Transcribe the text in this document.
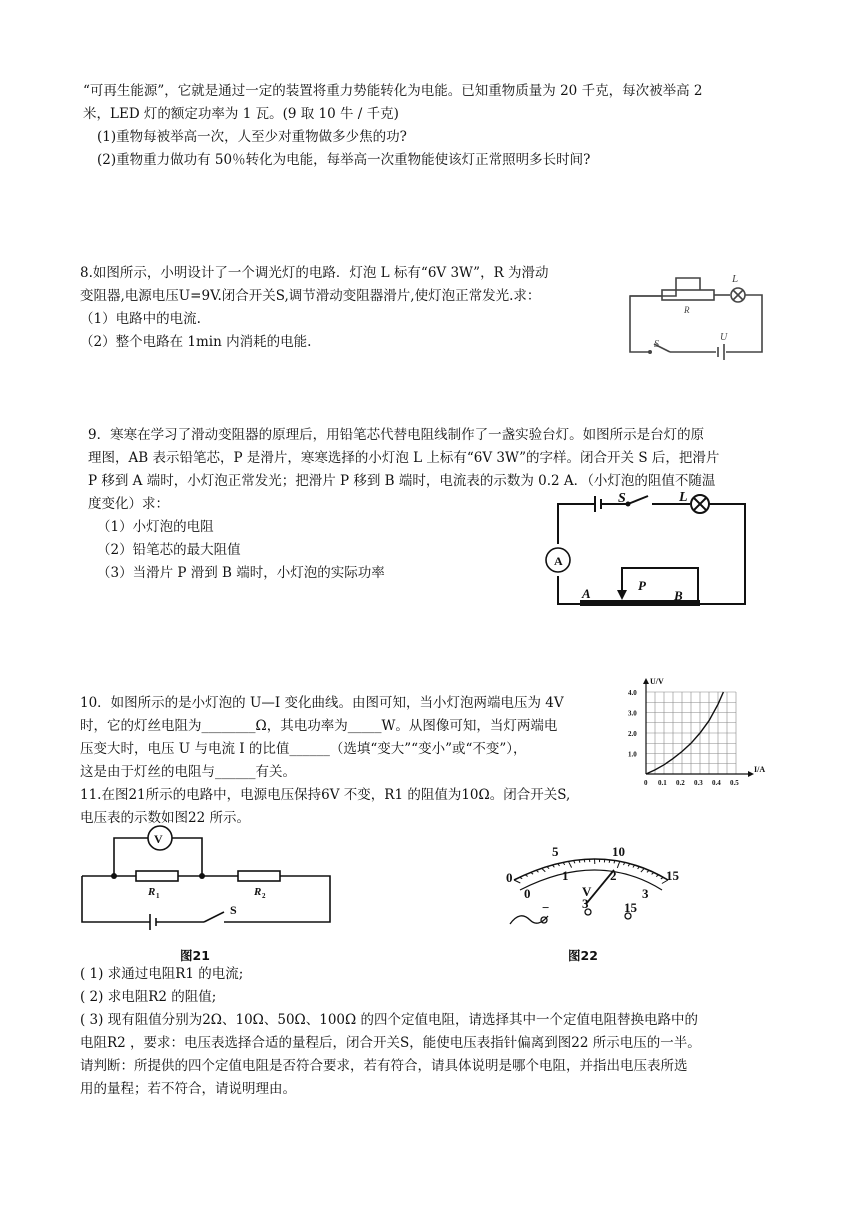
“可再生能源”，它就是通过一定的装置将重力势能转化为电能。已知重物质量为 20 千克，每次被举高 2
米，LED 灯的额定功率为 1 瓦。(9 取 10 牛 / 千克)
(1)重物每被举高一次，人至少对重物做多少焦的功?
(2)重物重力做功有 50％转化为电能，每举高一次重物能使该灯正常照明多长时间?
8.如图所示，小明设计了一个调光灯的电路．灯泡 L 标有“6V 3W”，R 为滑动
变阻器,电源电压U=9V.闭合开关S,调节滑动变阻器滑片,使灯泡正常发光.求：
（1）电路中的电流.
（2）整个电路在 1min 内消耗的电能.
R
L
S
U
9．寒寒在学习了滑动变阻器的原理后，用铅笔芯代替电阻线制作了一盏实验台灯。如图所示是台灯的原
理图，AB 表示铅笔芯，P 是滑片，寒寒选择的小灯泡 L 上标有“6V 3W”的字样。闭合开关 S 后，把滑片
P 移到 A 端时，小灯泡正常发光；把滑片 P 移到 B 端时，电流表的示数为 0.2 A．（小灯泡的阻值不随温
度变化）求：
（1）小灯泡的电阻
（2）铅笔芯的最大阻值
（3）当滑片 P 滑到 B 端时，小灯泡的实际功率
A
S	L
P
A	B
10．如图所示的是小灯泡的 U—I 变化曲线。由图可知，当小灯泡两端电压为 4V
时，它的灯丝电阻为________Ω，其电功率为_____W。从图像可知，当灯两端电
压变大时，电压 U 与电流 I 的比值______（选填“变大”“变小”或“不变”），
这是由于灯丝的电阻与______有关。
0 0.1 0.2 0.3 0.4 0.5
1.0
2.0
3.0
4.0
U/V
I/A
11.在图21所示的电路中，电源电压保持6V 不变，R1 的阻值为10Ω。闭合开关S,
电压表的示数如图22 所示。
V
R 1	R 2
S
图21
0
5	10
15
0
1	2
3
V
−	3	15
图22
( 1) 求通过电阻R1 的电流;
( 2) 求电阻R2 的阻值;
( 3) 现有阻值分别为2Ω、10Ω、50Ω、100Ω 的四个定值电阻，请选择其中一个定值电阻替换电路中的
电阻R2 ，要求：电压表选择合适的量程后，闭合开关S，能使电压表指针偏离到图22 所示电压的一半。
请判断：所提供的四个定值电阻是否符合要求，若有符合，请具体说明是哪个电阻，并指出电压表所选
用的量程；若不符合，请说明理由。
